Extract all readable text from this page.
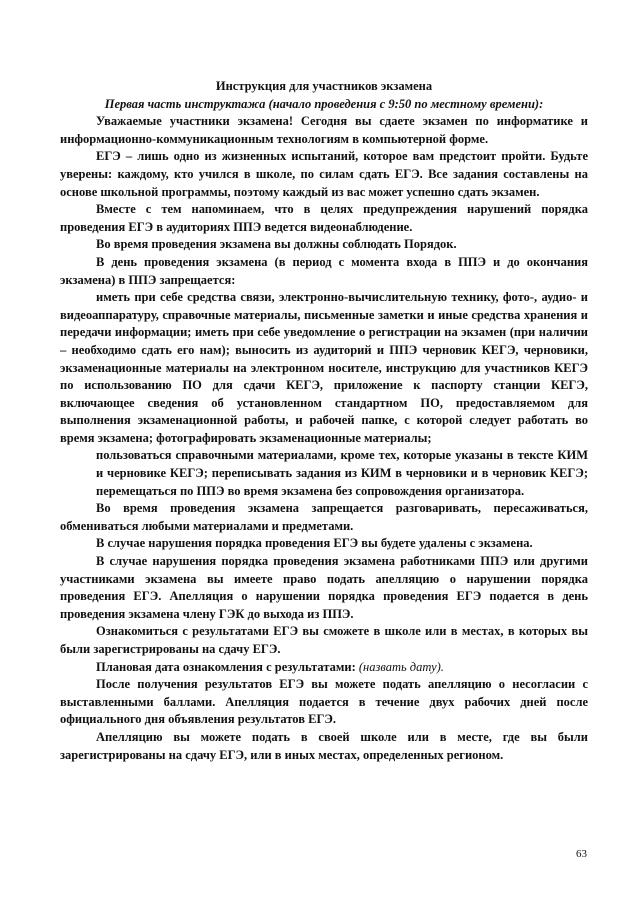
Инструкция для участников экзамена

Первая часть инструктажа (начало проведения с 9:50 по местному времени):

Уважаемые участники экзамена! Сегодня вы сдаете экзамен по информатике и информационно-коммуникационным технологиям в компьютерной форме.

ЕГЭ – лишь одно из жизненных испытаний, которое вам предстоит пройти. Будьте уверены: каждому, кто учился в школе, по силам сдать ЕГЭ. Все задания составлены на основе школьной программы, поэтому каждый из вас может успешно сдать экзамен.

Вместе с тем напоминаем, что в целях предупреждения нарушений порядка проведения ЕГЭ в аудиториях ППЭ ведется видеонаблюдение.

Во время проведения экзамена вы должны соблюдать Порядок.

В день проведения экзамена (в период с момента входа в ППЭ и до окончания экзамена) в ППЭ запрещается:

иметь при себе средства связи, электронно-вычислительную технику, фото-, аудио- и видеоаппаратуру, справочные материалы, письменные заметки и иные средства хранения и передачи информации; иметь при себе уведомление о регистрации на экзамен (при наличии – необходимо сдать его нам); выносить из аудиторий и ППЭ черновик КЕГЭ, черновики, экзаменационные материалы на электронном носителе, инструкцию для участников КЕГЭ по использованию ПО для сдачи КЕГЭ, приложение к паспорту станции КЕГЭ, включающее сведения об установленном стандартном ПО, предоставляемом для выполнения экзаменационной работы, и рабочей папке, с которой следует работать во время экзамена; фотографировать экзаменационные материалы;

пользоваться справочными материалами, кроме тех, которые указаны в тексте КИМ и черновике КЕГЭ; переписывать задания из КИМ в черновики и в черновик КЕГЭ; перемещаться по ППЭ во время экзамена без сопровождения организатора.

Во время проведения экзамена запрещается разговаривать, пересаживаться, обмениваться любыми материалами и предметами.

В случае нарушения порядка проведения ЕГЭ вы будете удалены с экзамена.

В случае нарушения порядка проведения экзамена работниками ППЭ или другими участниками экзамена вы имеете право подать апелляцию о нарушении порядка проведения ЕГЭ. Апелляция о нарушении порядка проведения ЕГЭ подается в день проведения экзамена члену ГЭК до выхода из ППЭ.

Ознакомиться с результатами ЕГЭ вы сможете в школе или в местах, в которых вы были зарегистрированы на сдачу ЕГЭ.

Плановая дата ознакомления с результатами: (назвать дату).

После получения результатов ЕГЭ вы можете подать апелляцию о несогласии с выставленными баллами. Апелляция подается в течение двух рабочих дней после официального дня объявления результатов ЕГЭ.

Апелляцию вы можете подать в своей школе или в месте, где вы были зарегистрированы на сдачу ЕГЭ, или в иных местах, определенных регионом.

63
